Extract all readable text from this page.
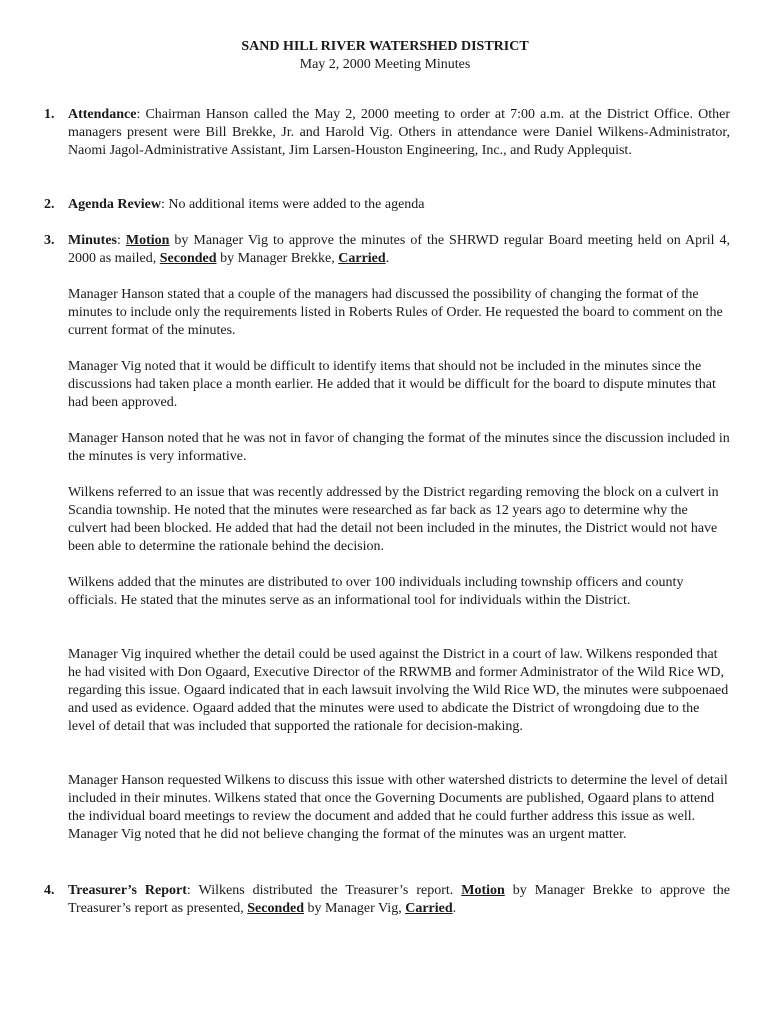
SAND HILL RIVER WATERSHED DISTRICT
May 2, 2000 Meeting Minutes
1. Attendance: Chairman Hanson called the May 2, 2000 meeting to order at 7:00 a.m. at the District Office. Other managers present were Bill Brekke, Jr. and Harold Vig. Others in attendance were Daniel Wilkens-Administrator, Naomi Jagol-Administrative Assistant, Jim Larsen-Houston Engineering, Inc., and Rudy Applequist.

2. Agenda Review: No additional items were added to the agenda

3. Minutes: Motion by Manager Vig to approve the minutes of the SHRWD regular Board meeting held on April 4, 2000 as mailed, Seconded by Manager Brekke, Carried.

Manager Hanson stated that a couple of the managers had discussed the possibility of changing the format of the minutes to include only the requirements listed in Roberts Rules of Order. He requested the board to comment on the current format of the minutes.

Manager Vig noted that it would be difficult to identify items that should not be included in the minutes since the discussions had taken place a month earlier. He added that it would be difficult for the board to dispute minutes that had been approved.

Manager Hanson noted that he was not in favor of changing the format of the minutes since the discussion included in the minutes is very informative.

Wilkens referred to an issue that was recently addressed by the District regarding removing the block on a culvert in Scandia township. He noted that the minutes were researched as far back as 12 years ago to determine why the culvert had been blocked. He added that had the detail not been included in the minutes, the District would not have been able to determine the rationale behind the decision.

Wilkens added that the minutes are distributed to over 100 individuals including township officers and county officials. He stated that the minutes serve as an informational tool for individuals within the District.

Manager Vig inquired whether the detail could be used against the District in a court of law. Wilkens responded that he had visited with Don Ogaard, Executive Director of the RRWMB and former Administrator of the Wild Rice WD, regarding this issue. Ogaard indicated that in each lawsuit involving the Wild Rice WD, the minutes were subpoenaed and used as evidence. Ogaard added that the minutes were used to abdicate the District of wrongdoing due to the level of detail that was included that supported the rationale for decision-making.

Manager Hanson requested Wilkens to discuss this issue with other watershed districts to determine the level of detail included in their minutes. Wilkens stated that once the Governing Documents are published, Ogaard plans to attend the individual board meetings to review the document and added that he could further address this issue as well. Manager Vig noted that he did not believe changing the format of the minutes was an urgent matter.

4. Treasurer’s Report: Wilkens distributed the Treasurer’s report. Motion by Manager Brekke to approve the Treasurer’s report as presented, Seconded by Manager Vig, Carried.
